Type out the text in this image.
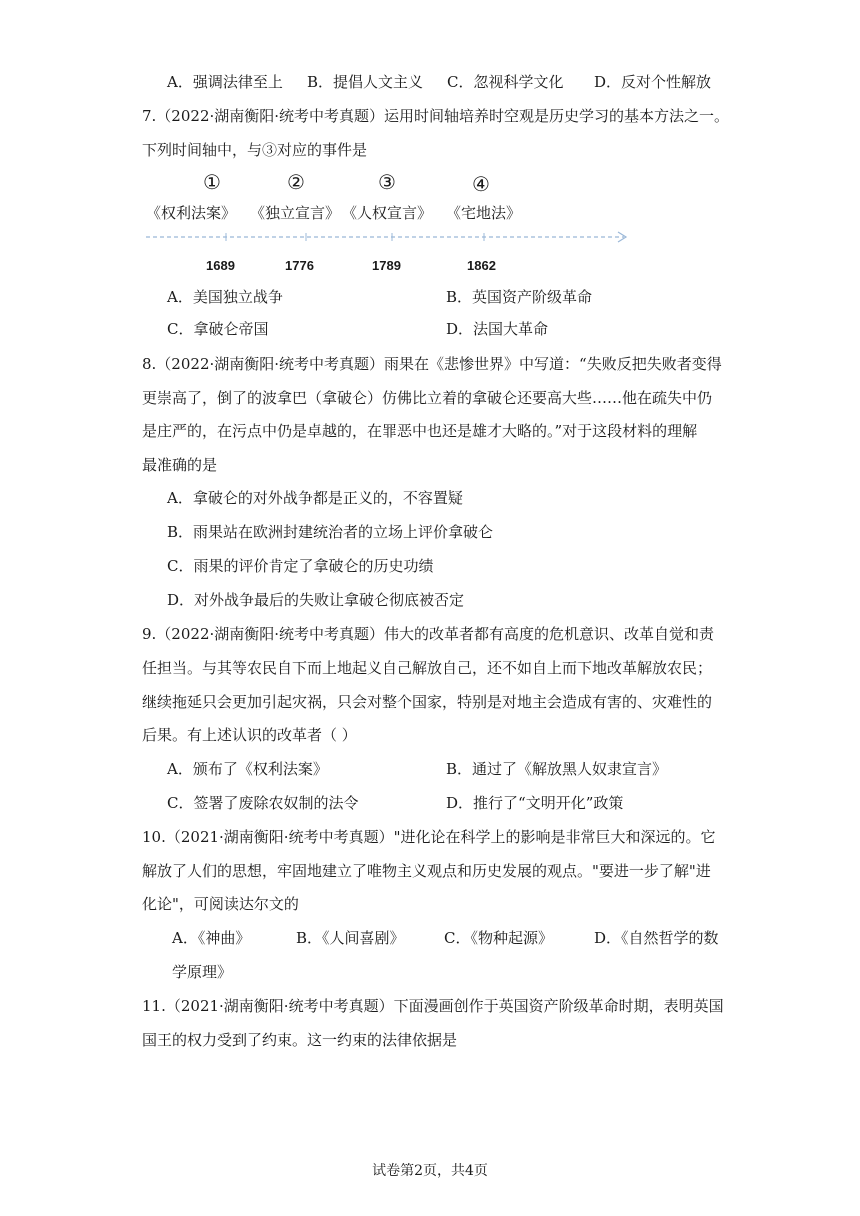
A．强调法律至上 B．提倡人文主义 C．忽视科学文化 D．反对个性解放
7.（2022·湖南衡阳·统考中考真题）运用时间轴培养时空观是历史学习的基本方法之一。
下列时间轴中，与③对应的事件是
①	②	③	④
《权利法案》 《独立宣言》 《人权宣言》 《宅地法》
1689	1776	1789	1862
A．美国独立战争	B．英国资产阶级革命
C．拿破仑帝国	D．法国大革命
8.（2022·湖南衡阳·统考中考真题）雨果在《悲惨世界》中写道：“失败反把失败者变得
更崇高了，倒了的波拿巴（拿破仑）仿佛比立着的拿破仑还要高大些……他在疏失中仍
是庄严的，在污点中仍是卓越的，在罪恶中也还是雄才大略的。”对于这段材料的理解
最准确的是
A．拿破仑的对外战争都是正义的，不容置疑
B．雨果站在欧洲封建统治者的立场上评价拿破仑
C．雨果的评价肯定了拿破仑的历史功绩
D．对外战争最后的失败让拿破仑彻底被否定
9.（2022·湖南衡阳·统考中考真题）伟大的改革者都有高度的危机意识、改革自觉和责
任担当。与其等农民自下而上地起义自己解放自己，还不如自上而下地改革解放农民；
继续拖延只会更加引起灾祸，只会对整个国家，特别是对地主会造成有害的、灾难性的
后果。有上述认识的改革者（ ）
A．颁布了《权利法案》	B．通过了《解放黑人奴隶宣言》
C．签署了废除农奴制的法令	D．推行了“文明开化”政策
10.（2021·湖南衡阳·统考中考真题）"进化论在科学上的影响是非常巨大和深远的。它
解放了人们的思想，牢固地建立了唯物主义观点和历史发展的观点。"要进一步了解"进
化论"，可阅读达尔文的
A．《神曲》	B．《人间喜剧》	C．《物种起源》	D．《自然哲学的数
学原理》
11.（2021·湖南衡阳·统考中考真题）下面漫画创作于英国资产阶级革命时期，表明英国
国王的权力受到了约束。这一约束的法律依据是
试卷第2页，共4页
